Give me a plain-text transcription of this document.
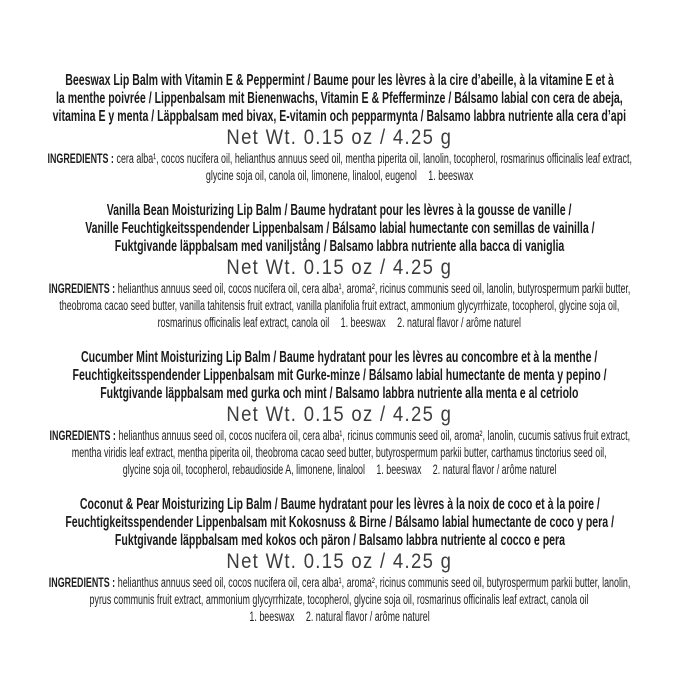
Beeswax Lip Balm with Vitamin E & Peppermint / Baume pour les lèvres à la cire d’abeille, à la vitamine E et à
la menthe poivrée / Lippenbalsam mit Bienenwachs, Vitamin E & Pfefferminze / Bálsamo labial con cera de abeja,
vitamina E y menta / Läppbalsam med bivax, E-vitamin och pepparmynta / Balsamo labbra nutriente alla cera d’api
Net Wt. 0.15 oz / 4.25 g
INGREDIENTS : cera alba¹, cocos nucifera oil, helianthus annuus seed oil, mentha piperita oil, lanolin, tocopherol, rosmarinus officinalis leaf extract,
glycine soja oil, canola oil, limonene, linalool, eugenol   1. beeswax
Vanilla Bean Moisturizing Lip Balm / Baume hydratant pour les lèvres à la gousse de vanille /
Vanille Feuchtigkeitsspendender Lippenbalsam / Bálsamo labial humectante con semillas de vainilla /
Fuktgivande läppbalsam med vaniljstång / Balsamo labbra nutriente alla bacca di vaniglia
Net Wt. 0.15 oz / 4.25 g
INGREDIENTS : helianthus annuus seed oil, cocos nucifera oil, cera alba¹, aroma², ricinus communis seed oil, lanolin, butyrospermum parkii butter,
theobroma cacao seed butter, vanilla tahitensis fruit extract, vanilla planifolia fruit extract, ammonium glycyrrhizate, tocopherol, glycine soja oil,
rosmarinus officinalis leaf extract, canola oil   1. beeswax   2. natural flavor / arôme naturel
Cucumber Mint Moisturizing Lip Balm / Baume hydratant pour les lèvres au concombre et à la menthe /
Feuchtigkeitsspendender Lippenbalsam mit Gurke-minze / Bálsamo labial humectante de menta y pepino /
Fuktgivande läppbalsam med gurka och mint / Balsamo labbra nutriente alla menta e al cetriolo
Net Wt. 0.15 oz / 4.25 g
INGREDIENTS : helianthus annuus seed oil, cocos nucifera oil, cera alba¹, ricinus communis seed oil, aroma², lanolin, cucumis sativus fruit extract,
mentha viridis leaf extract, mentha piperita oil, theobroma cacao seed butter, butyrospermum parkii butter, carthamus tinctorius seed oil,
glycine soja oil, tocopherol, rebaudioside A, limonene, linalool   1. beeswax   2. natural flavor / arôme naturel
Coconut & Pear Moisturizing Lip Balm / Baume hydratant pour les lèvres à la noix de coco et à la poire /
Feuchtigkeitsspendender Lippenbalsam mit Kokosnuss & Birne / Bálsamo labial humectante de coco y pera /
Fuktgivande läppbalsam med kokos och päron / Balsamo labbra nutriente al cocco e pera
Net Wt. 0.15 oz / 4.25 g
INGREDIENTS : helianthus annuus seed oil, cocos nucifera oil, cera alba¹, aroma², ricinus communis seed oil, butyrospermum parkii butter, lanolin,
pyrus communis fruit extract, ammonium glycyrrhizate, tocopherol, glycine soja oil, rosmarinus officinalis leaf extract, canola oil
1. beeswax   2. natural flavor / arôme naturel
